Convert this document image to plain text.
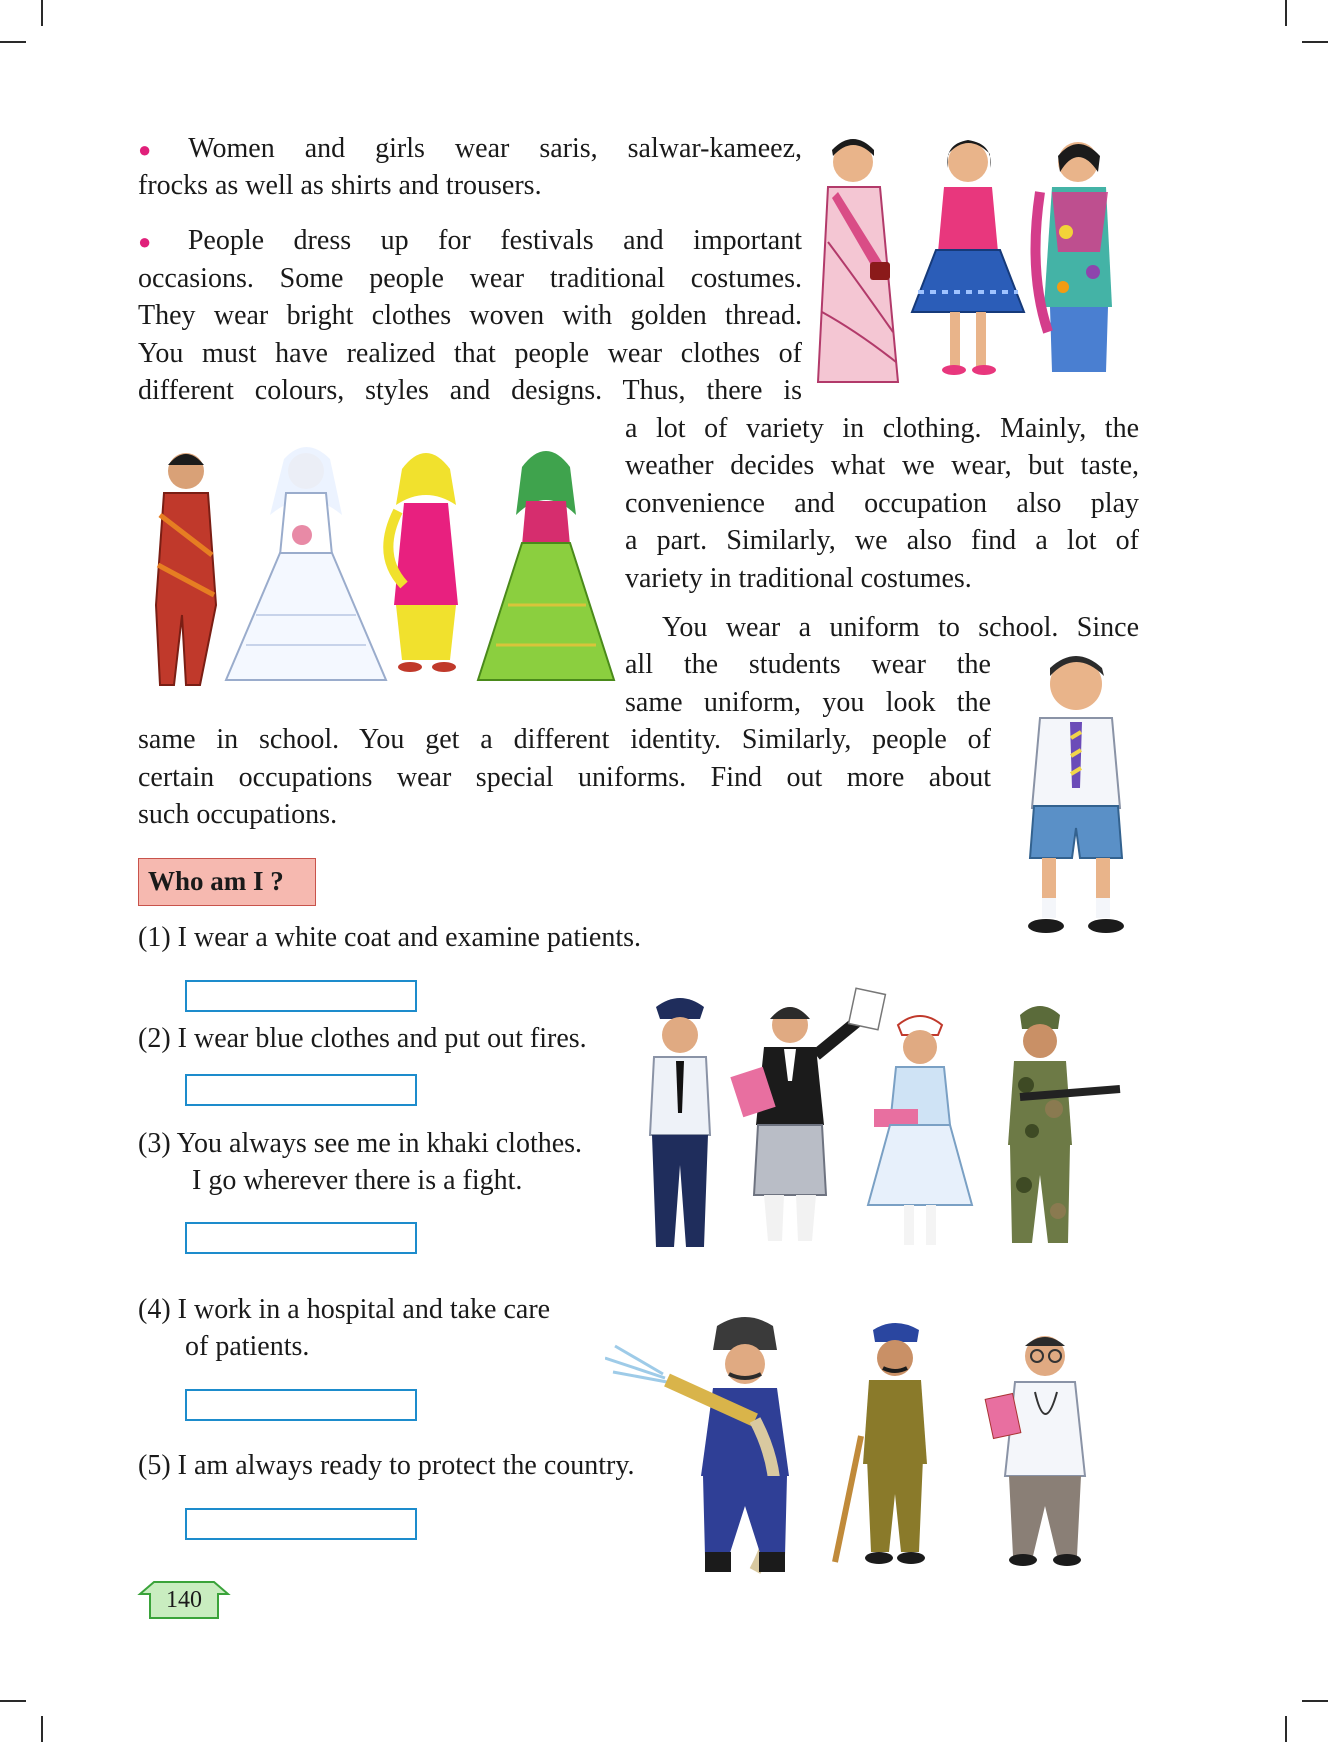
● Women and girls wear saris, salwar-kameez,
frocks as well as shirts and trousers.
● People dress up for festivals and important
occasions. Some people wear traditional costumes.
They wear bright clothes woven with golden thread.
You must have realized that people wear clothes of
different colours, styles and designs. Thus, there is
a lot of variety in clothing. Mainly, the
weather decides what we wear, but taste,
convenience and occupation also play
a part. Similarly, we also find a lot of
variety in traditional costumes.
You wear a uniform to school. Since
all the students wear the
same uniform, you look the
same in school. You get a different identity. Similarly, people of
certain occupations wear special uniforms. Find out more about
such occupations.
Who am I ?
(1) I wear a white coat and examine patients.
(2) I wear blue clothes and put out fires.
(3) You always see me in khaki clothes.
I go wherever there is a fight.
(4) I work in a hospital and take care
of patients.
(5) I am always ready to protect the country.
140
